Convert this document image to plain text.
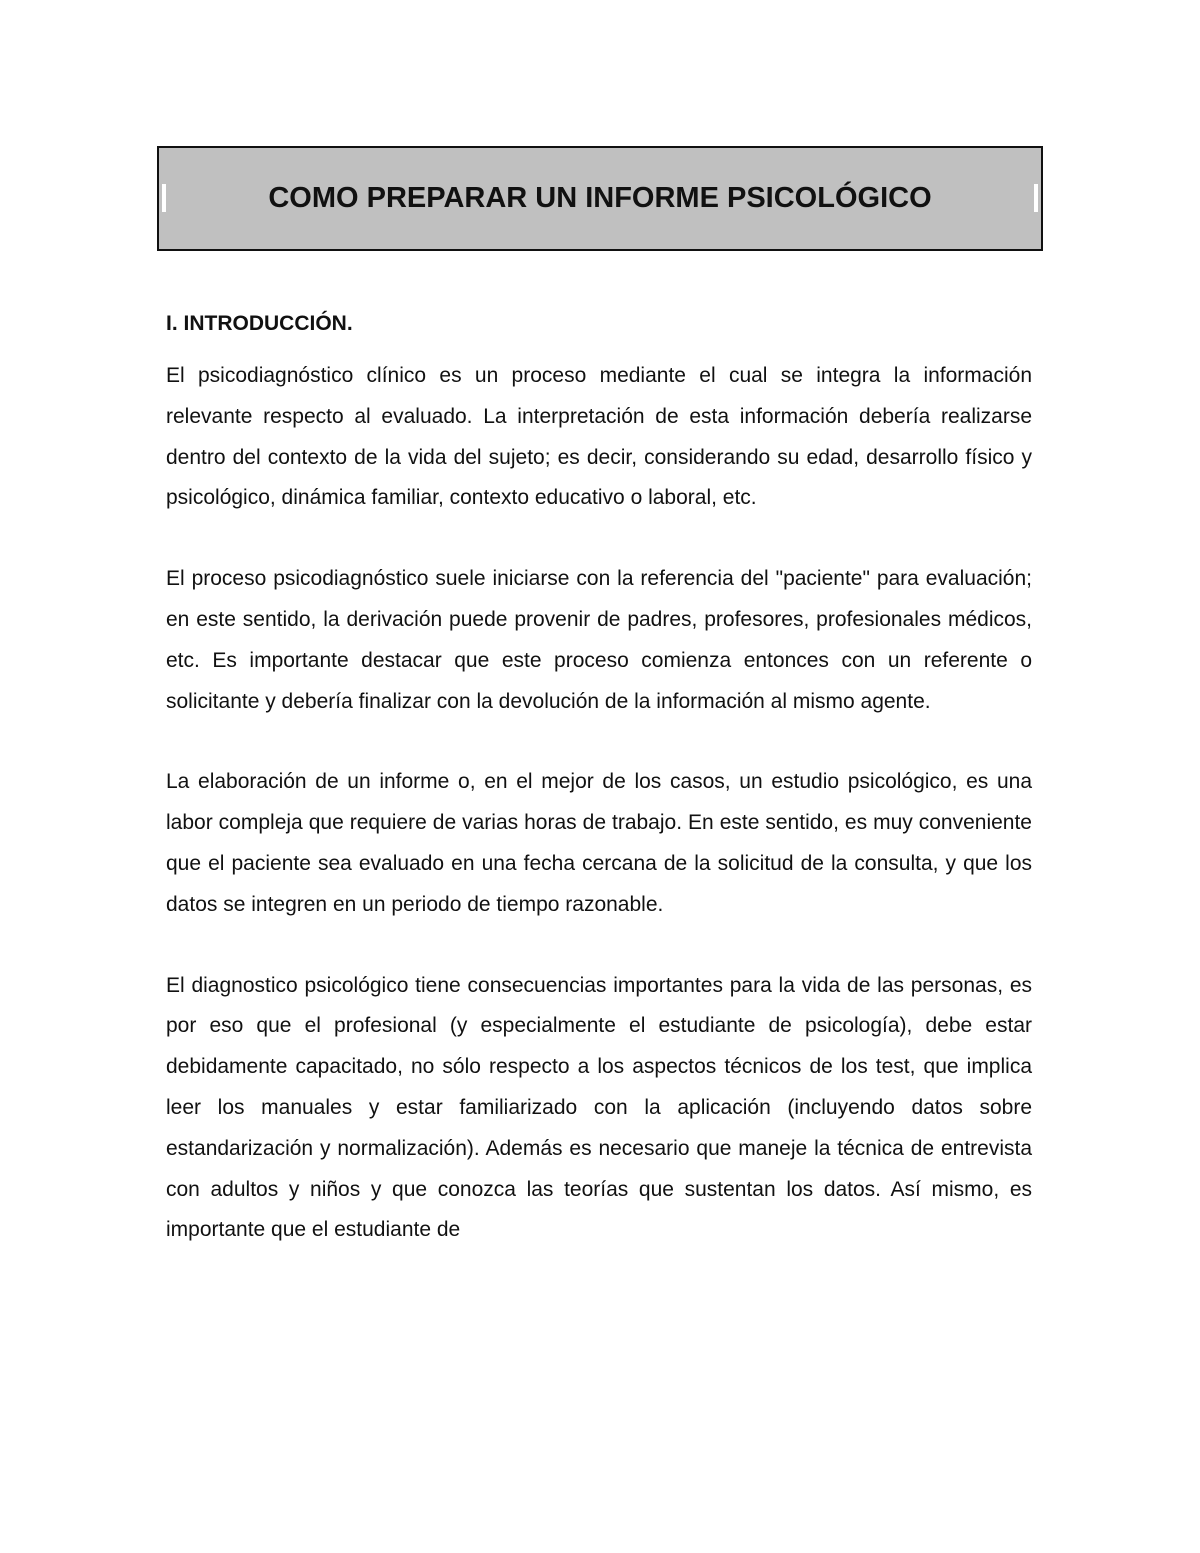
COMO PREPARAR UN INFORME PSICOLÓGICO
I. INTRODUCCIÓN.

El psicodiagnóstico clínico es un proceso mediante el cual se integra la información relevante respecto al evaluado. La interpretación de esta información debería realizarse dentro del contexto de la vida del sujeto; es decir, considerando su edad, desarrollo físico y psicológico, dinámica familiar, contexto educativo o laboral, etc.

El proceso psicodiagnóstico suele iniciarse con la referencia del "paciente" para evaluación; en este sentido, la derivación puede provenir de padres, profesores, profesionales médicos, etc. Es importante destacar que este proceso comienza entonces con un referente o solicitante y debería finalizar con la devolución de la información al mismo agente.

La elaboración de un informe o, en el mejor de los casos, un estudio psicológico, es una labor compleja que requiere de varias horas de trabajo. En este sentido, es muy conveniente que el paciente sea evaluado en una fecha cercana de la solicitud de la consulta, y que los datos se integren en un periodo de tiempo razonable.

El diagnostico psicológico tiene consecuencias importantes para la vida de las personas, es por eso que el profesional (y especialmente el estudiante de psicología), debe estar debidamente capacitado, no sólo respecto a los aspectos técnicos de los test, que implica leer los manuales y estar familiarizado con la aplicación (incluyendo datos sobre estandarización y normalización). Además es necesario que maneje la técnica de entrevista con adultos y niños y que conozca las teorías que sustentan los datos. Así mismo, es importante que el estudiante de
